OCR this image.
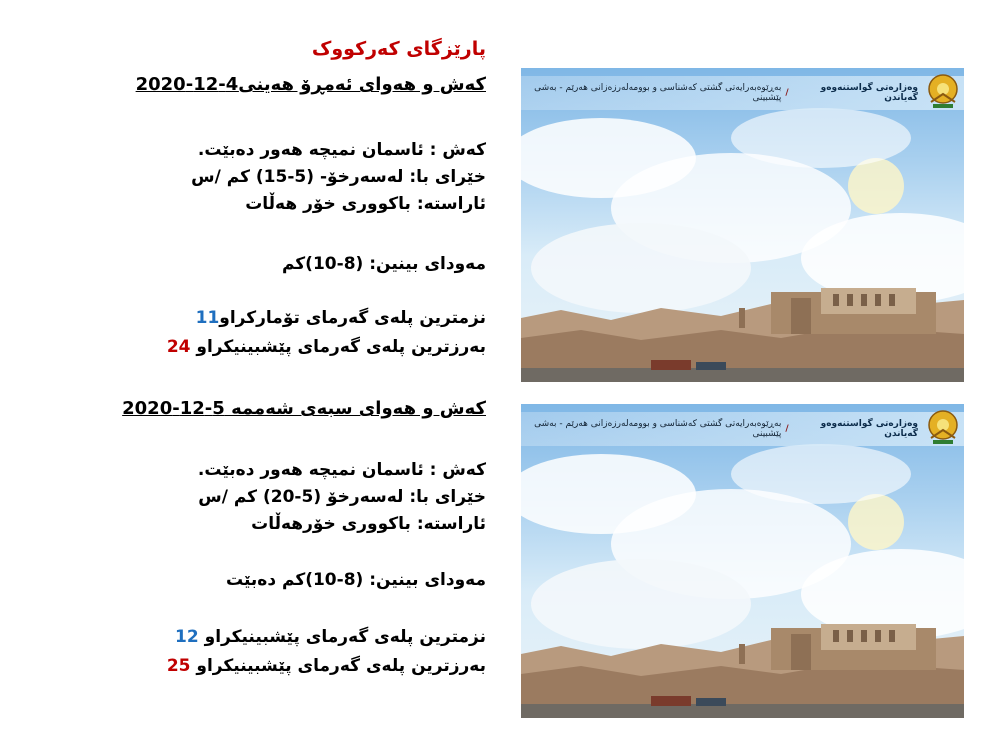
پارێزگای کەرکووک
کەش و هەوای ئەمڕۆ هەینی4-12-2020
کەش : ئاسمان نمیچە هەور دەبێت.
خێرای با: لەسەرخۆ- (5-15) کم /س
ئاراستە: باکووری خۆر هەڵات
مەودای بینین: (8-10)کم
نزمترین پلەی گەرمای تۆمارکراو11
بەرزترین پلەی گەرمای پێشبینیکراو 24
کەش و هەوای سبەی شەممە 5-12-2020
کەش : ئاسمان نمیچە هەور دەبێت.
خێرای با: لەسەرخۆ (5-20) کم /س
ئاراستە: باکووری خۆرهەڵات
مەودای بینین: (8-10)کم دەبێت
نزمترین پلەی گەرمای پێشبینیکراو 12
بەرزترین پلەی گەرمای پێشبینیکراو 25
وەزارەتی گواستنەوەو گەیاندن
/
بەڕێوەبەرایەتی گشتی کەشناسی و بوومەلەرزەزانی هەرێم - بەشی پێشبینی
وەزارەتی گواستنەوەو گەیاندن
/
بەڕێوەبەرایەتی گشتی کەشناسی و بوومەلەرزەزانی هەرێم - بەشی پێشبینی
